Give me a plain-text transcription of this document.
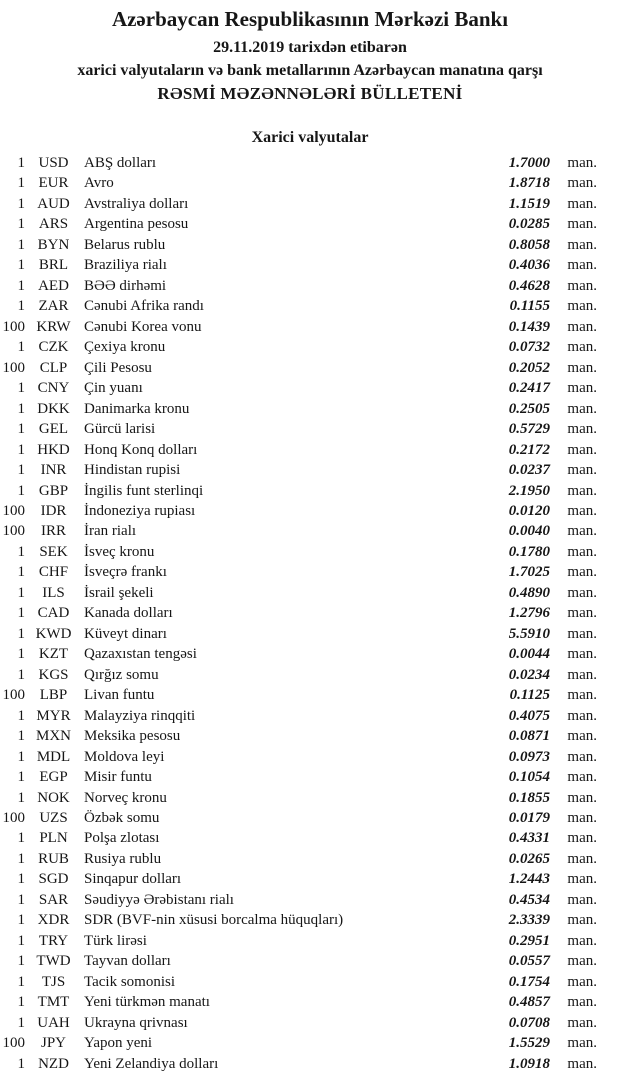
Azərbaycan Respublikasının Mərkəzi Bankı
29.11.2019 tarixdən etibarən
xarici valyutaların və bank metallarının Azərbaycan manatına qarşı
RƏSMİ MƏZƏNNƏLƏRİ BÜLLETENİ
Xarici valyutalar
1 USD	ABŞ dolları	1.7000	man.
1 EUR	Avro	1.8718	man.
1 AUD Avstraliya dolları	1.1519	man.
1 ARS	Argentina pesosu	0.0285	man.
1 BYN Belarus rublu	0.8058	man.
1 BRL	Braziliya rialı	0.4036	man.
1 AED	BƏƏ dirhəmi	0.4628	man.
1 ZAR	Cənubi Afrika randı	0.1155	man.
100 KRW Cənubi Korea vonu	0.1439	man.
1 CZK	Çexiya kronu	0.0732	man.
100 CLP	Çili Pesosu	0.2052	man.
1 CNY Çin yuanı	0.2417	man.
1 DKK Danimarka kronu	0.2505	man.
1 GEL	Gürcü larisi	0.5729	man.
1 HKD Honq Konq dolları	0.2172	man.
1	INR	Hindistan rupisi	0.0237	man.
1 GBP	İngilis funt sterlinqi	2.1950	man.
100	IDR	İndoneziya rupiası	0.0120	man.
100	IRR	İran rialı	0.0040	man.
1 SEK	İsveç kronu	0.1780	man.
1 CHF	İsveçrə frankı	1.7025	man.
1	ILS	İsrail şekeli	0.4890	man.
1 CAD Kanada dolları	1.2796	man.
1 KWD Küveyt dinarı	5.5910	man.
1 KZT	Qazaxıstan tengəsi	0.0044	man.
1 KGS	Qırğız somu	0.0234	man.
100 LBP	Livan funtu	0.1125	man.
1 MYR Malayziya rinqqiti	0.4075	man.
1 MXN Meksika pesosu	0.0871	man.
1 MDL Moldova leyi	0.0973	man.
1 EGP	Misir funtu	0.1054	man.
1 NOK Norveç kronu	0.1855	man.
100 UZS	Özbək somu	0.0179	man.
1 PLN	Polşa zlotası	0.4331	man.
1 RUB	Rusiya rublu	0.0265	man.
1 SGD	Sinqapur dolları	1.2443	man.
1 SAR	Səudiyyə Ərəbistanı rialı	0.4534	man.
1 XDR SDR (BVF-nin xüsusi borcalma hüquqları)	2.3339	man.
1 TRY	Türk lirəsi	0.2951	man.
1 TWD Tayvan dolları	0.0557	man.
1	TJS	Tacik somonisi	0.1754	man.
1 TMT Yeni türkmən manatı	0.4857	man.
1 UAH Ukrayna qrivnası	0.0708	man.
100	JPY	Yapon yeni	1.5529	man.
1 NZD	Yeni Zelandiya dolları	1.0918	man.
